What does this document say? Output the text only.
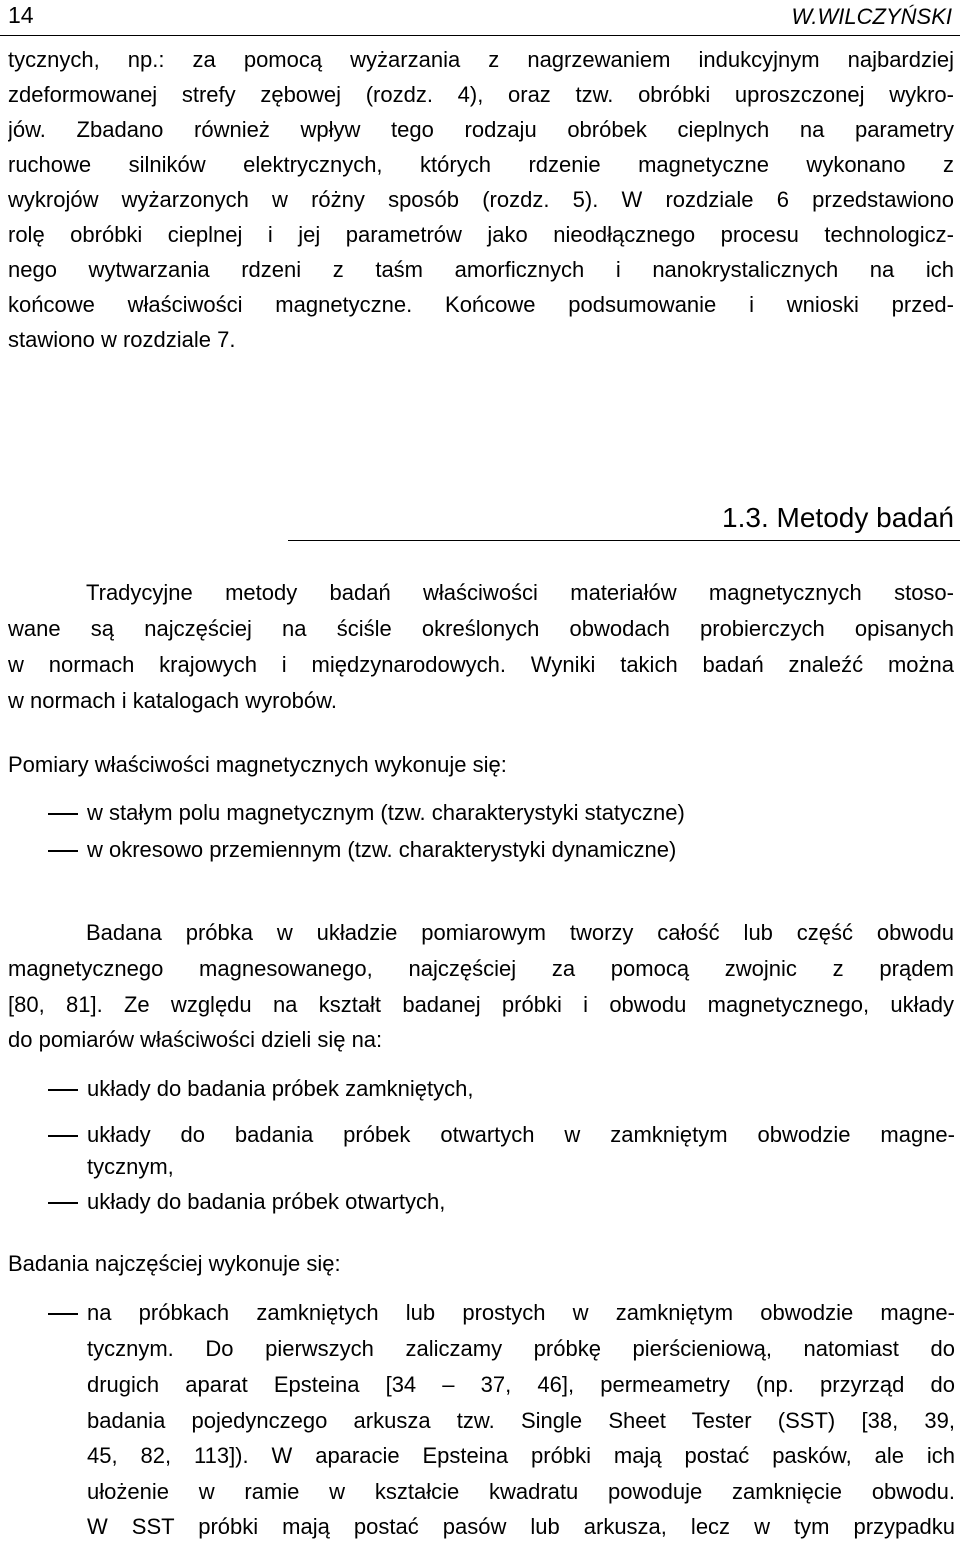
14	W.WILCZYŃSKI
tycznych, np.: za pomocą wyżarzania z nagrzewaniem indukcyjnym najbardziej
zdeformowanej strefy zębowej (rozdz. 4), oraz tzw. obróbki uproszczonej wykro-
jów. Zbadano również wpływ tego rodzaju obróbek cieplnych na parametry
ruchowe silników elektrycznych, których rdzenie magnetyczne wykonano z
wykrojów wyżarzonych w różny sposób (rozdz. 5). W rozdziale 6 przedstawiono
rolę obróbki cieplnej i jej parametrów jako nieodłącznego procesu technologicz-
nego wytwarzania rdzeni z taśm amorficznych i nanokrystalicznych na ich
końcowe właściwości magnetyczne. Końcowe podsumowanie i wnioski przed-
stawiono w rozdziale 7.
1.3. Metody badań
Tradycyjne metody badań właściwości materiałów magnetycznych stoso-
wane są najczęściej na ściśle określonych obwodach probierczych opisanych
w normach krajowych i międzynarodowych. Wyniki takich badań znaleźć można
w normach i katalogach wyrobów.
Pomiary właściwości magnetycznych wykonuje się:
w stałym polu magnetycznym (tzw. charakterystyki statyczne)
w okresowo przemiennym (tzw. charakterystyki dynamiczne)
Badana próbka w układzie pomiarowym tworzy całość lub część obwodu
magnetycznego magnesowanego, najczęściej za pomocą zwojnic z prądem
[80, 81]. Ze względu na kształt badanej próbki i obwodu magnetycznego, układy
do pomiarów właściwości dzieli się na:
układy do badania próbek zamkniętych,
układy do badania próbek otwartych w zamkniętym obwodzie magne-
tycznym,
układy do badania próbek otwartych,
Badania najczęściej wykonuje się:
na próbkach zamkniętych lub prostych w zamkniętym obwodzie magne-
tycznym. Do pierwszych zaliczamy próbkę pierścieniową, natomiast do
drugich aparat Epsteina [34 – 37, 46], permeametry (np. przyrząd do
badania pojedynczego arkusza tzw. Single Sheet Tester (SST) [38, 39,
45, 82, 113]). W aparacie Epsteina próbki mają postać pasków, ale ich
ułożenie w ramie w kształcie kwadratu powoduje zamknięcie obwodu.
W SST próbki mają postać pasów lub arkusza, lecz w tym przypadku
